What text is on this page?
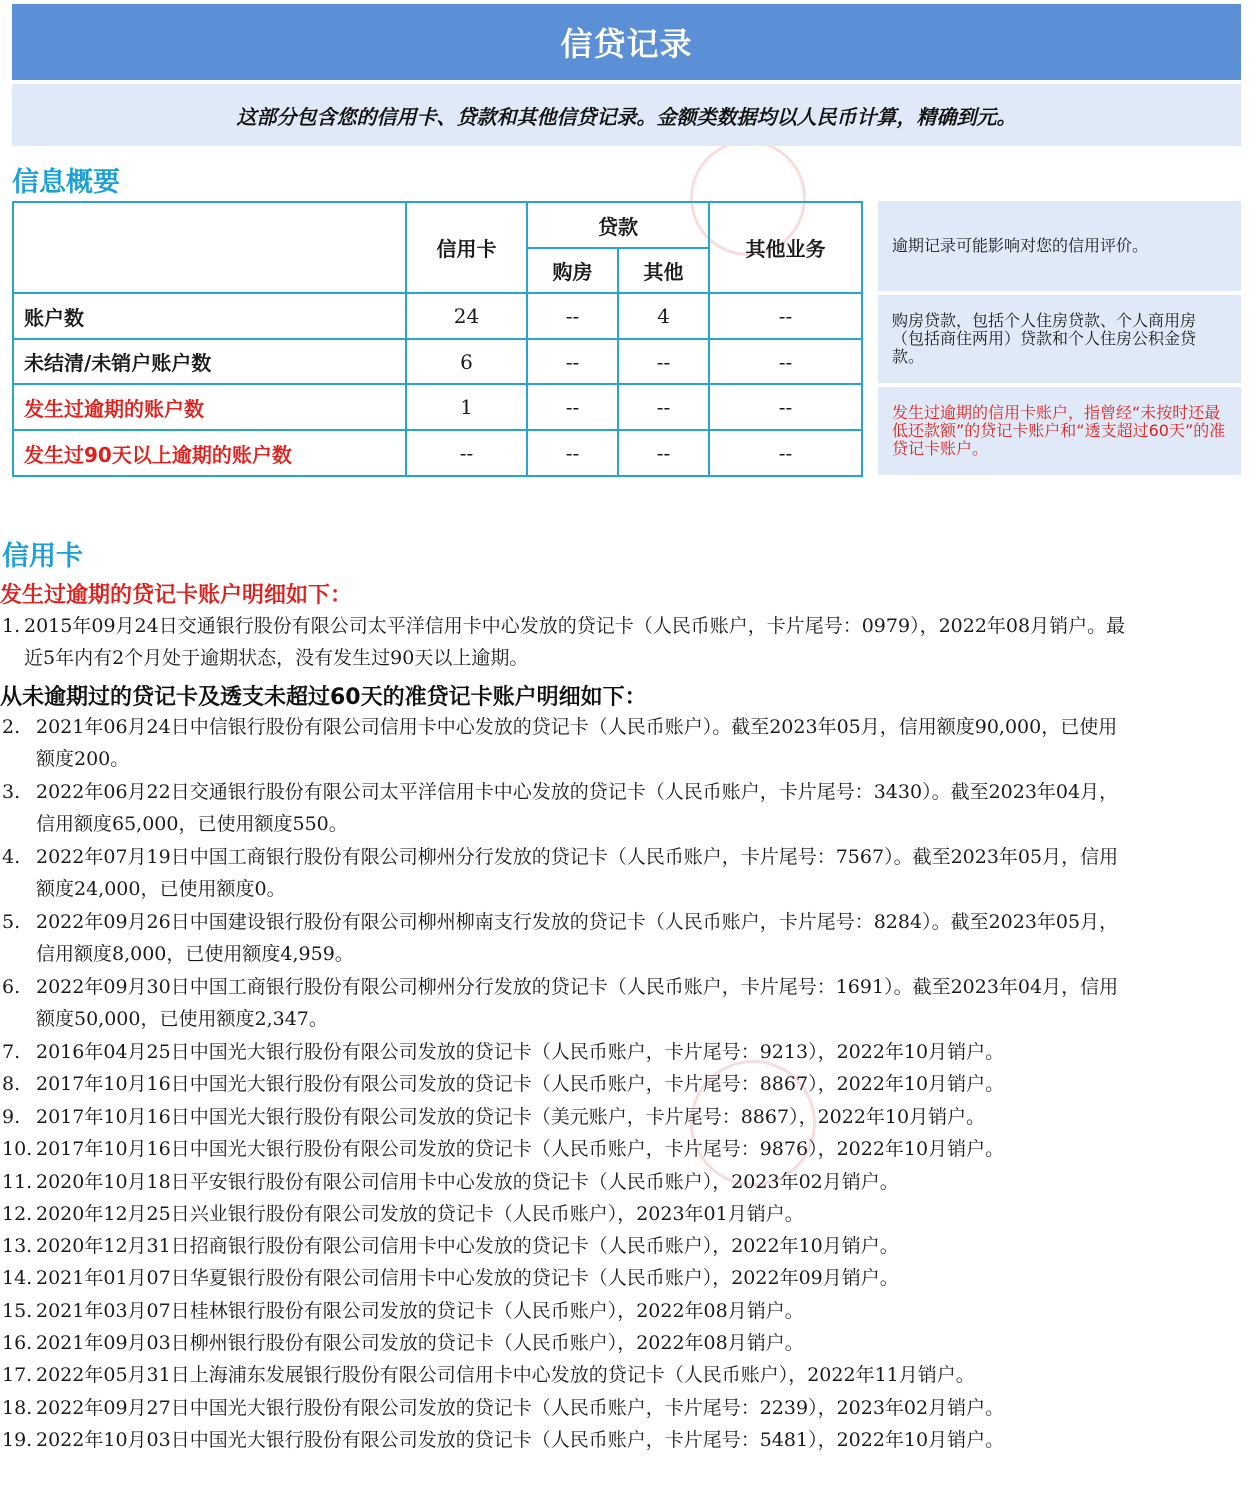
信贷记录
这部分包含您的信用卡、贷款和其他信贷记录。金额类数据均以人民币计算，精确到元。
信息概要
	信用卡	贷款		其他业务
		购房	其他	
账户数	24	--	4	--
未结清/未销户账户数	6	--	--	--
发生过逾期的账户数	1	--	--	--
发生过90天以上逾期的账户数	--	--	--	--
逾期记录可能影响对您的信用评价。
购房贷款，包括个人住房贷款、个人商用房（包括商住两用）贷款和个人住房公积金贷款。
发生过逾期的信用卡账户，指曾经“未按时还最低还款额”的贷记卡账户和“透支超过60天”的准贷记卡账户。
信用卡
发生过逾期的贷记卡账户明细如下：
1. 2015年09月24日交通银行股份有限公司太平洋信用卡中心发放的贷记卡（人民币账户，卡片尾号：0979），2022年08月销户。最
近5年内有2个月处于逾期状态，没有发生过90天以上逾期。
从未逾期过的贷记卡及透支未超过60天的准贷记卡账户明细如下：
2. 2021年06月24日中信银行股份有限公司信用卡中心发放的贷记卡（人民币账户）。截至2023年05月，信用额度90,000，已使用
额度200。
3. 2022年06月22日交通银行股份有限公司太平洋信用卡中心发放的贷记卡（人民币账户，卡片尾号：3430）。截至2023年04月，
信用额度65,000，已使用额度550。
4. 2022年07月19日中国工商银行股份有限公司柳州分行发放的贷记卡（人民币账户，卡片尾号：7567）。截至2023年05月，信用
额度24,000，已使用额度0。
5. 2022年09月26日中国建设银行股份有限公司柳州柳南支行发放的贷记卡（人民币账户，卡片尾号：8284）。截至2023年05月，
信用额度8,000，已使用额度4,959。
6. 2022年09月30日中国工商银行股份有限公司柳州分行发放的贷记卡（人民币账户，卡片尾号：1691）。截至2023年04月，信用
额度50,000，已使用额度2,347。
7. 2016年04月25日中国光大银行股份有限公司发放的贷记卡（人民币账户，卡片尾号：9213），2022年10月销户。
8. 2017年10月16日中国光大银行股份有限公司发放的贷记卡（人民币账户，卡片尾号：8867），2022年10月销户。
9. 2017年10月16日中国光大银行股份有限公司发放的贷记卡（美元账户，卡片尾号：8867），2022年10月销户。
10. 2017年10月16日中国光大银行股份有限公司发放的贷记卡（人民币账户，卡片尾号：9876），2022年10月销户。
11. 2020年10月18日平安银行股份有限公司信用卡中心发放的贷记卡（人民币账户），2023年02月销户。
12. 2020年12月25日兴业银行股份有限公司发放的贷记卡（人民币账户），2023年01月销户。
13. 2020年12月31日招商银行股份有限公司信用卡中心发放的贷记卡（人民币账户），2022年10月销户。
14. 2021年01月07日华夏银行股份有限公司信用卡中心发放的贷记卡（人民币账户），2022年09月销户。
15. 2021年03月07日桂林银行股份有限公司发放的贷记卡（人民币账户），2022年08月销户。
16. 2021年09月03日柳州银行股份有限公司发放的贷记卡（人民币账户），2022年08月销户。
17. 2022年05月31日上海浦东发展银行股份有限公司信用卡中心发放的贷记卡（人民币账户），2022年11月销户。
18. 2022年09月27日中国光大银行股份有限公司发放的贷记卡（人民币账户，卡片尾号：2239），2023年02月销户。
19. 2022年10月03日中国光大银行股份有限公司发放的贷记卡（人民币账户，卡片尾号：5481），2022年10月销户。
